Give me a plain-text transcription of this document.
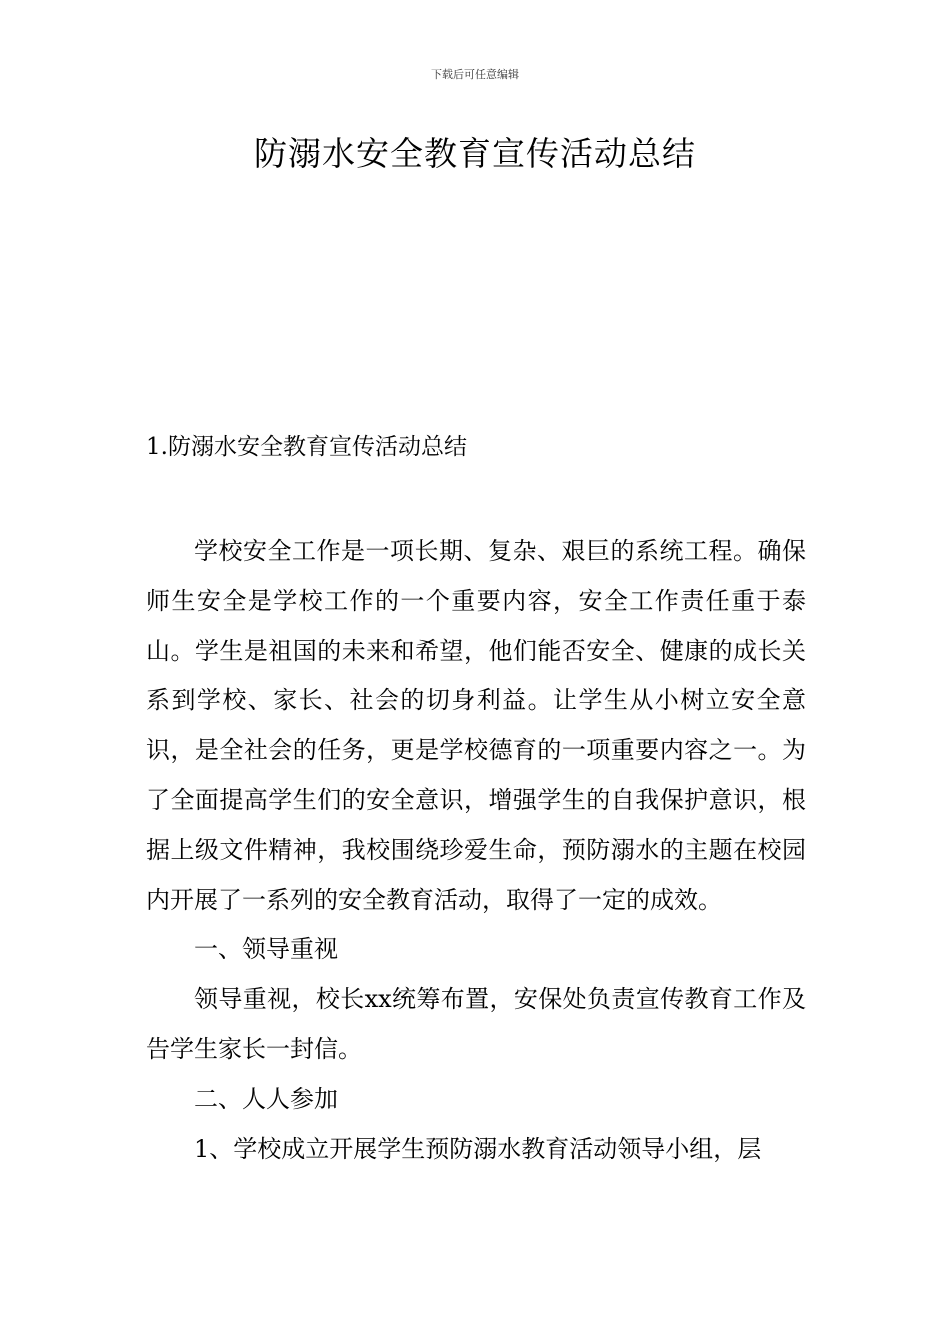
下载后可任意编辑
防溺水安全教育宣传活动总结
1.防溺水安全教育宣传活动总结

学校安全工作是一项长期、复杂、艰巨的系统工程。确保师生安全是学校工作的一个重要内容，安全工作责任重于泰山。学生是祖国的未来和希望，他们能否安全、健康的成长关系到学校、家长、社会的切身利益。让学生从小树立安全意识，是全社会的任务，更是学校德育的一项重要内容之一。为了全面提高学生们的安全意识，增强学生的自我保护意识，根据上级文件精神，我校围绕珍爱生命，预防溺水的主题在校园内开展了一系列的安全教育活动，取得了一定的成效。

一、领导重视

领导重视，校长xx统筹布置，安保处负责宣传教育工作及告学生家长一封信。

二、人人参加

1、学校成立开展学生预防溺水教育活动领导小组，层
